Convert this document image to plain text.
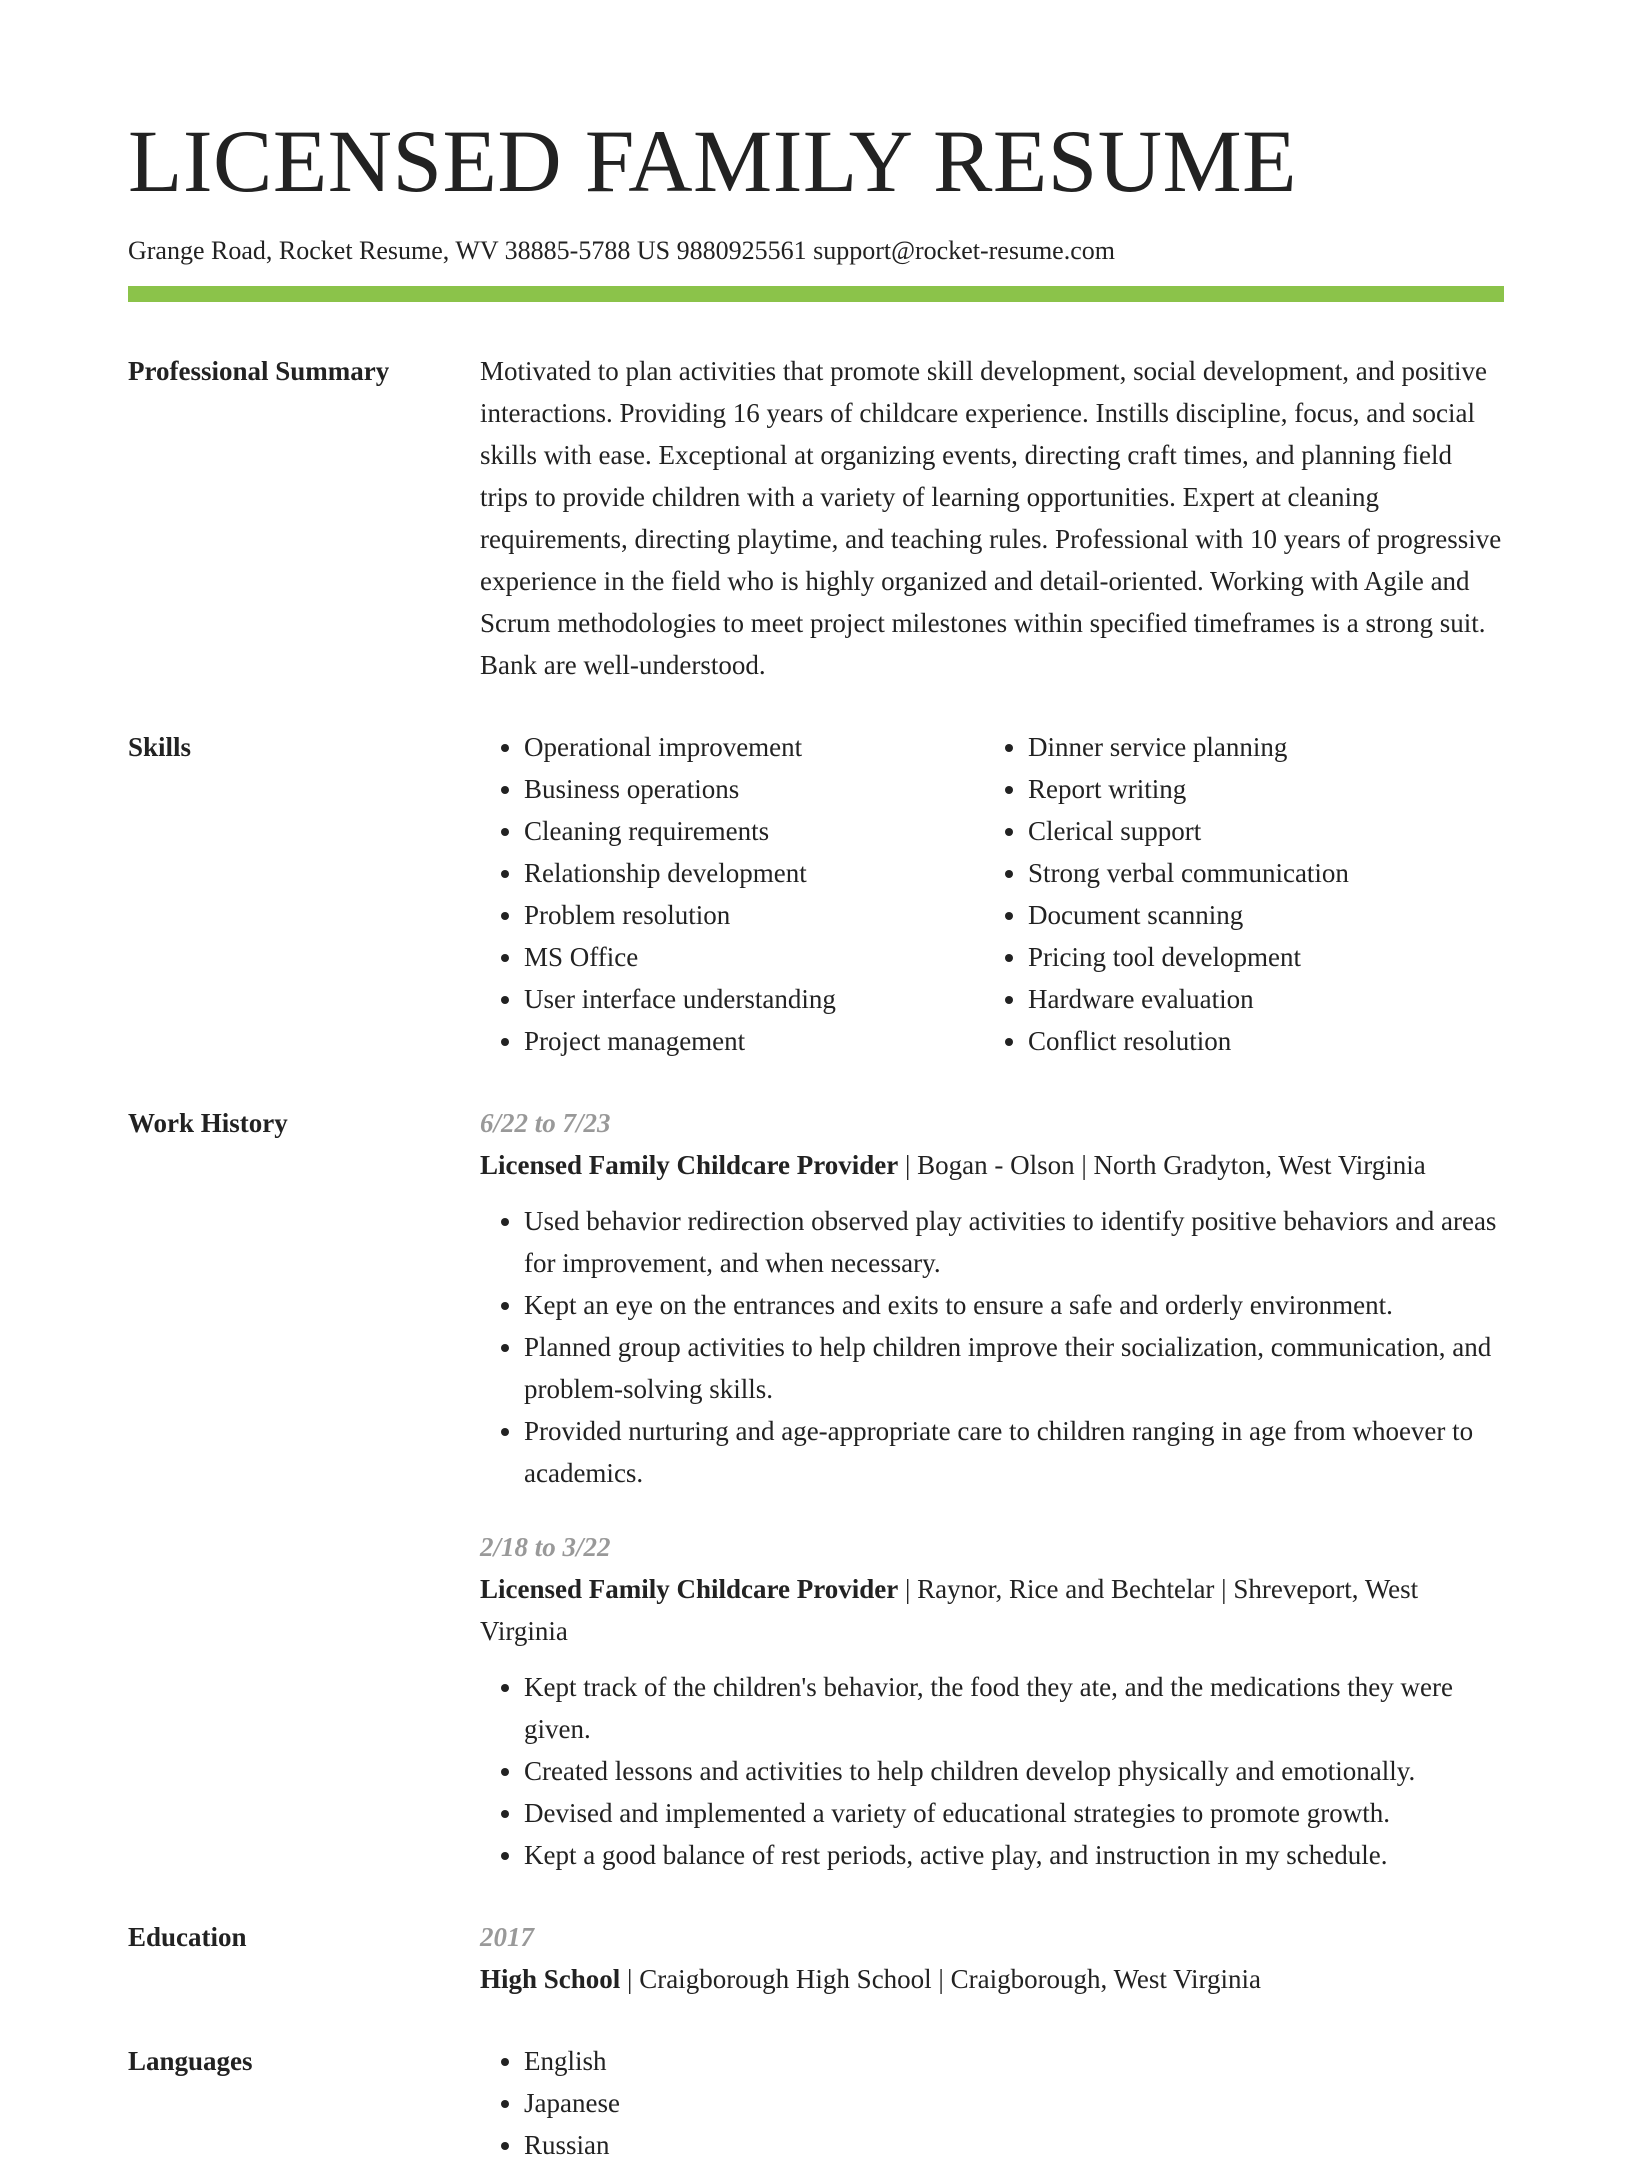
LICENSED FAMILY RESUME
Grange Road, Rocket Resume, WV 38885-5788 US 9880925561 support@rocket-resume.com
Professional Summary	Motivated to plan activities that promote skill development, social development, and positive interactions. Providing 16 years of childcare experience. Instills discipline, focus, and social skills with ease. Exceptional at organizing events, directing craft times, and planning field trips to provide children with a variety of learning opportunities. Expert at cleaning requirements, directing playtime, and teaching rules. Professional with 10 years of progressive experience in the field who is highly organized and detail-oriented. Working with Agile and Scrum methodologies to meet project milestones within specified timeframes is a strong suit. Bank are well-understood.

Skills	• Operational improvement
• Business operations
• Cleaning requirements
• Relationship development
• Problem resolution
• MS Office
• User interface understanding
• Project management
• Dinner service planning
• Report writing
• Clerical support
• Strong verbal communication
• Document scanning
• Pricing tool development
• Hardware evaluation
• Conflict resolution
Work History	6/22 to 7/23
Licensed Family Childcare Provider | Bogan - Olson | North Gradyton, West Virginia
• Used behavior redirection observed play activities to identify positive behaviors and areas for improvement, and when necessary.
• Kept an eye on the entrances and exits to ensure a safe and orderly environment.
• Planned group activities to help children improve their socialization, communication, and problem-solving skills.
• Provided nurturing and age-appropriate care to children ranging in age from whoever to academics.
2/18 to 3/22
Licensed Family Childcare Provider | Raynor, Rice and Bechtelar | Shreveport, West Virginia
• Kept track of the children's behavior, the food they ate, and the medications they were given.
• Created lessons and activities to help children develop physically and emotionally.
• Devised and implemented a variety of educational strategies to promote growth.
• Kept a good balance of rest periods, active play, and instruction in my schedule.
Education	2017
High School | Craigborough High School | Craigborough, West Virginia
Languages	• English
• Japanese
• Russian
